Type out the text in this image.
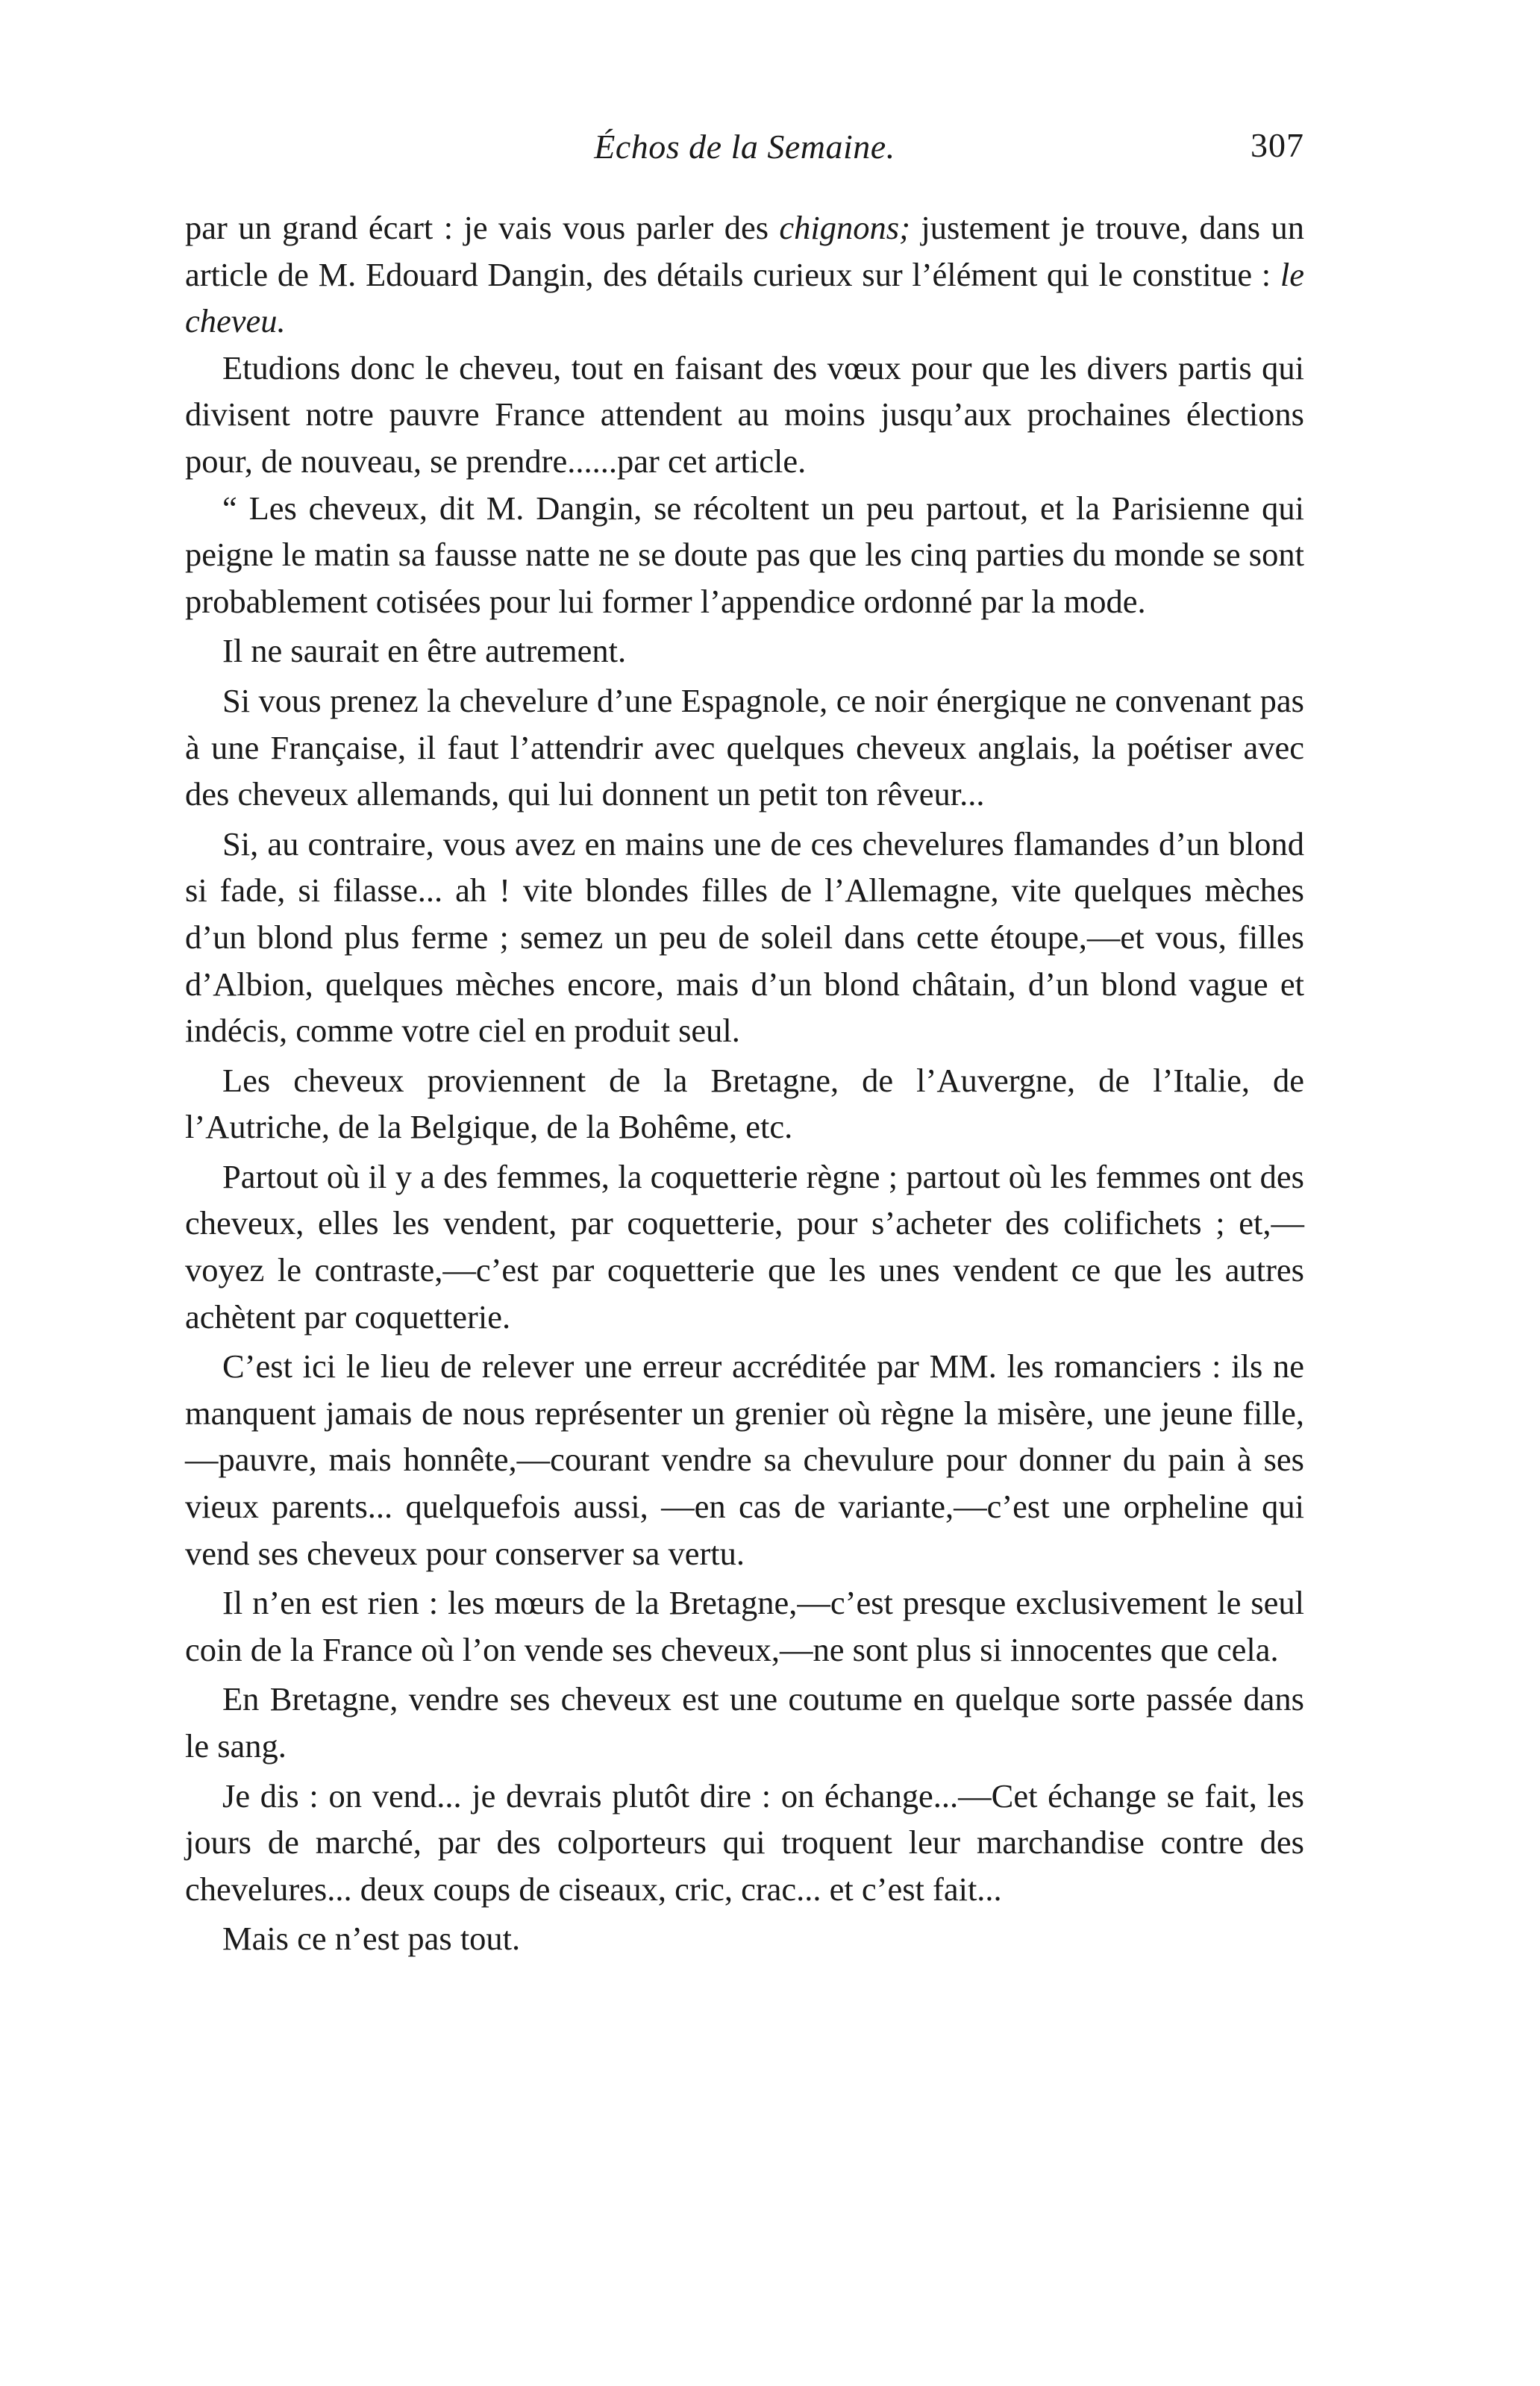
Échos de la Semaine.	307

par un grand écart : je vais vous parler des chignons; justement je trouve, dans un article de M. Edouard Dangin, des détails curieux sur l’élément qui le constitue : le cheveu.

Etudions donc le cheveu, tout en faisant des vœux pour que les divers partis qui divisent notre pauvre France attendent au moins jusqu’aux prochaines élections pour, de nouveau, se prendre......par cet article.

“ Les cheveux, dit M. Dangin, se récoltent un peu partout, et la Parisienne qui peigne le matin sa fausse natte ne se doute pas que les cinq parties du monde se sont probablement cotisées pour lui former l’appendice ordonné par la mode.

Il ne saurait en être autrement.

Si vous prenez la chevelure d’une Espagnole, ce noir énergique ne convenant pas à une Française, il faut l’attendrir avec quelques cheveux anglais, la poétiser avec des cheveux allemands, qui lui donnent un petit ton rêveur...

Si, au contraire, vous avez en mains une de ces chevelures flamandes d’un blond si fade, si filasse... ah ! vite blondes filles de l’Allemagne, vite quelques mèches d’un blond plus ferme ; semez un peu de soleil dans cette étoupe,—et vous, filles d’Albion, quelques mèches encore, mais d’un blond châtain, d’un blond vague et indécis, comme votre ciel en produit seul.

Les cheveux proviennent de la Bretagne, de l’Auvergne, de l’Italie, de l’Autriche, de la Belgique, de la Bohême, etc.

Partout où il y a des femmes, la coquetterie règne ; partout où les femmes ont des cheveux, elles les vendent, par coquetterie, pour s’acheter des colifichets ; et,—voyez le contraste,—c’est par coquetterie que les unes vendent ce que les autres achètent par coquetterie.

C’est ici le lieu de relever une erreur accréditée par MM. les romanciers : ils ne manquent jamais de nous représenter un grenier où règne la misère, une jeune fille,—pauvre, mais honnête,—courant vendre sa chevulure pour donner du pain à ses vieux parents... quelquefois aussi, —en cas de variante,—c’est une orpheline qui vend ses cheveux pour conserver sa vertu.

Il n’en est rien : les mœurs de la Bretagne,—c’est presque exclusivement le seul coin de la France où l’on vende ses cheveux,—ne sont plus si innocentes que cela.

En Bretagne, vendre ses cheveux est une coutume en quelque sorte passée dans le sang.

Je dis : on vend... je devrais plutôt dire : on échange...—Cet échange se fait, les jours de marché, par des colporteurs qui troquent leur marchandise contre des chevelures... deux coups de ciseaux, cric, crac... et c’est fait...

Mais ce n’est pas tout.
